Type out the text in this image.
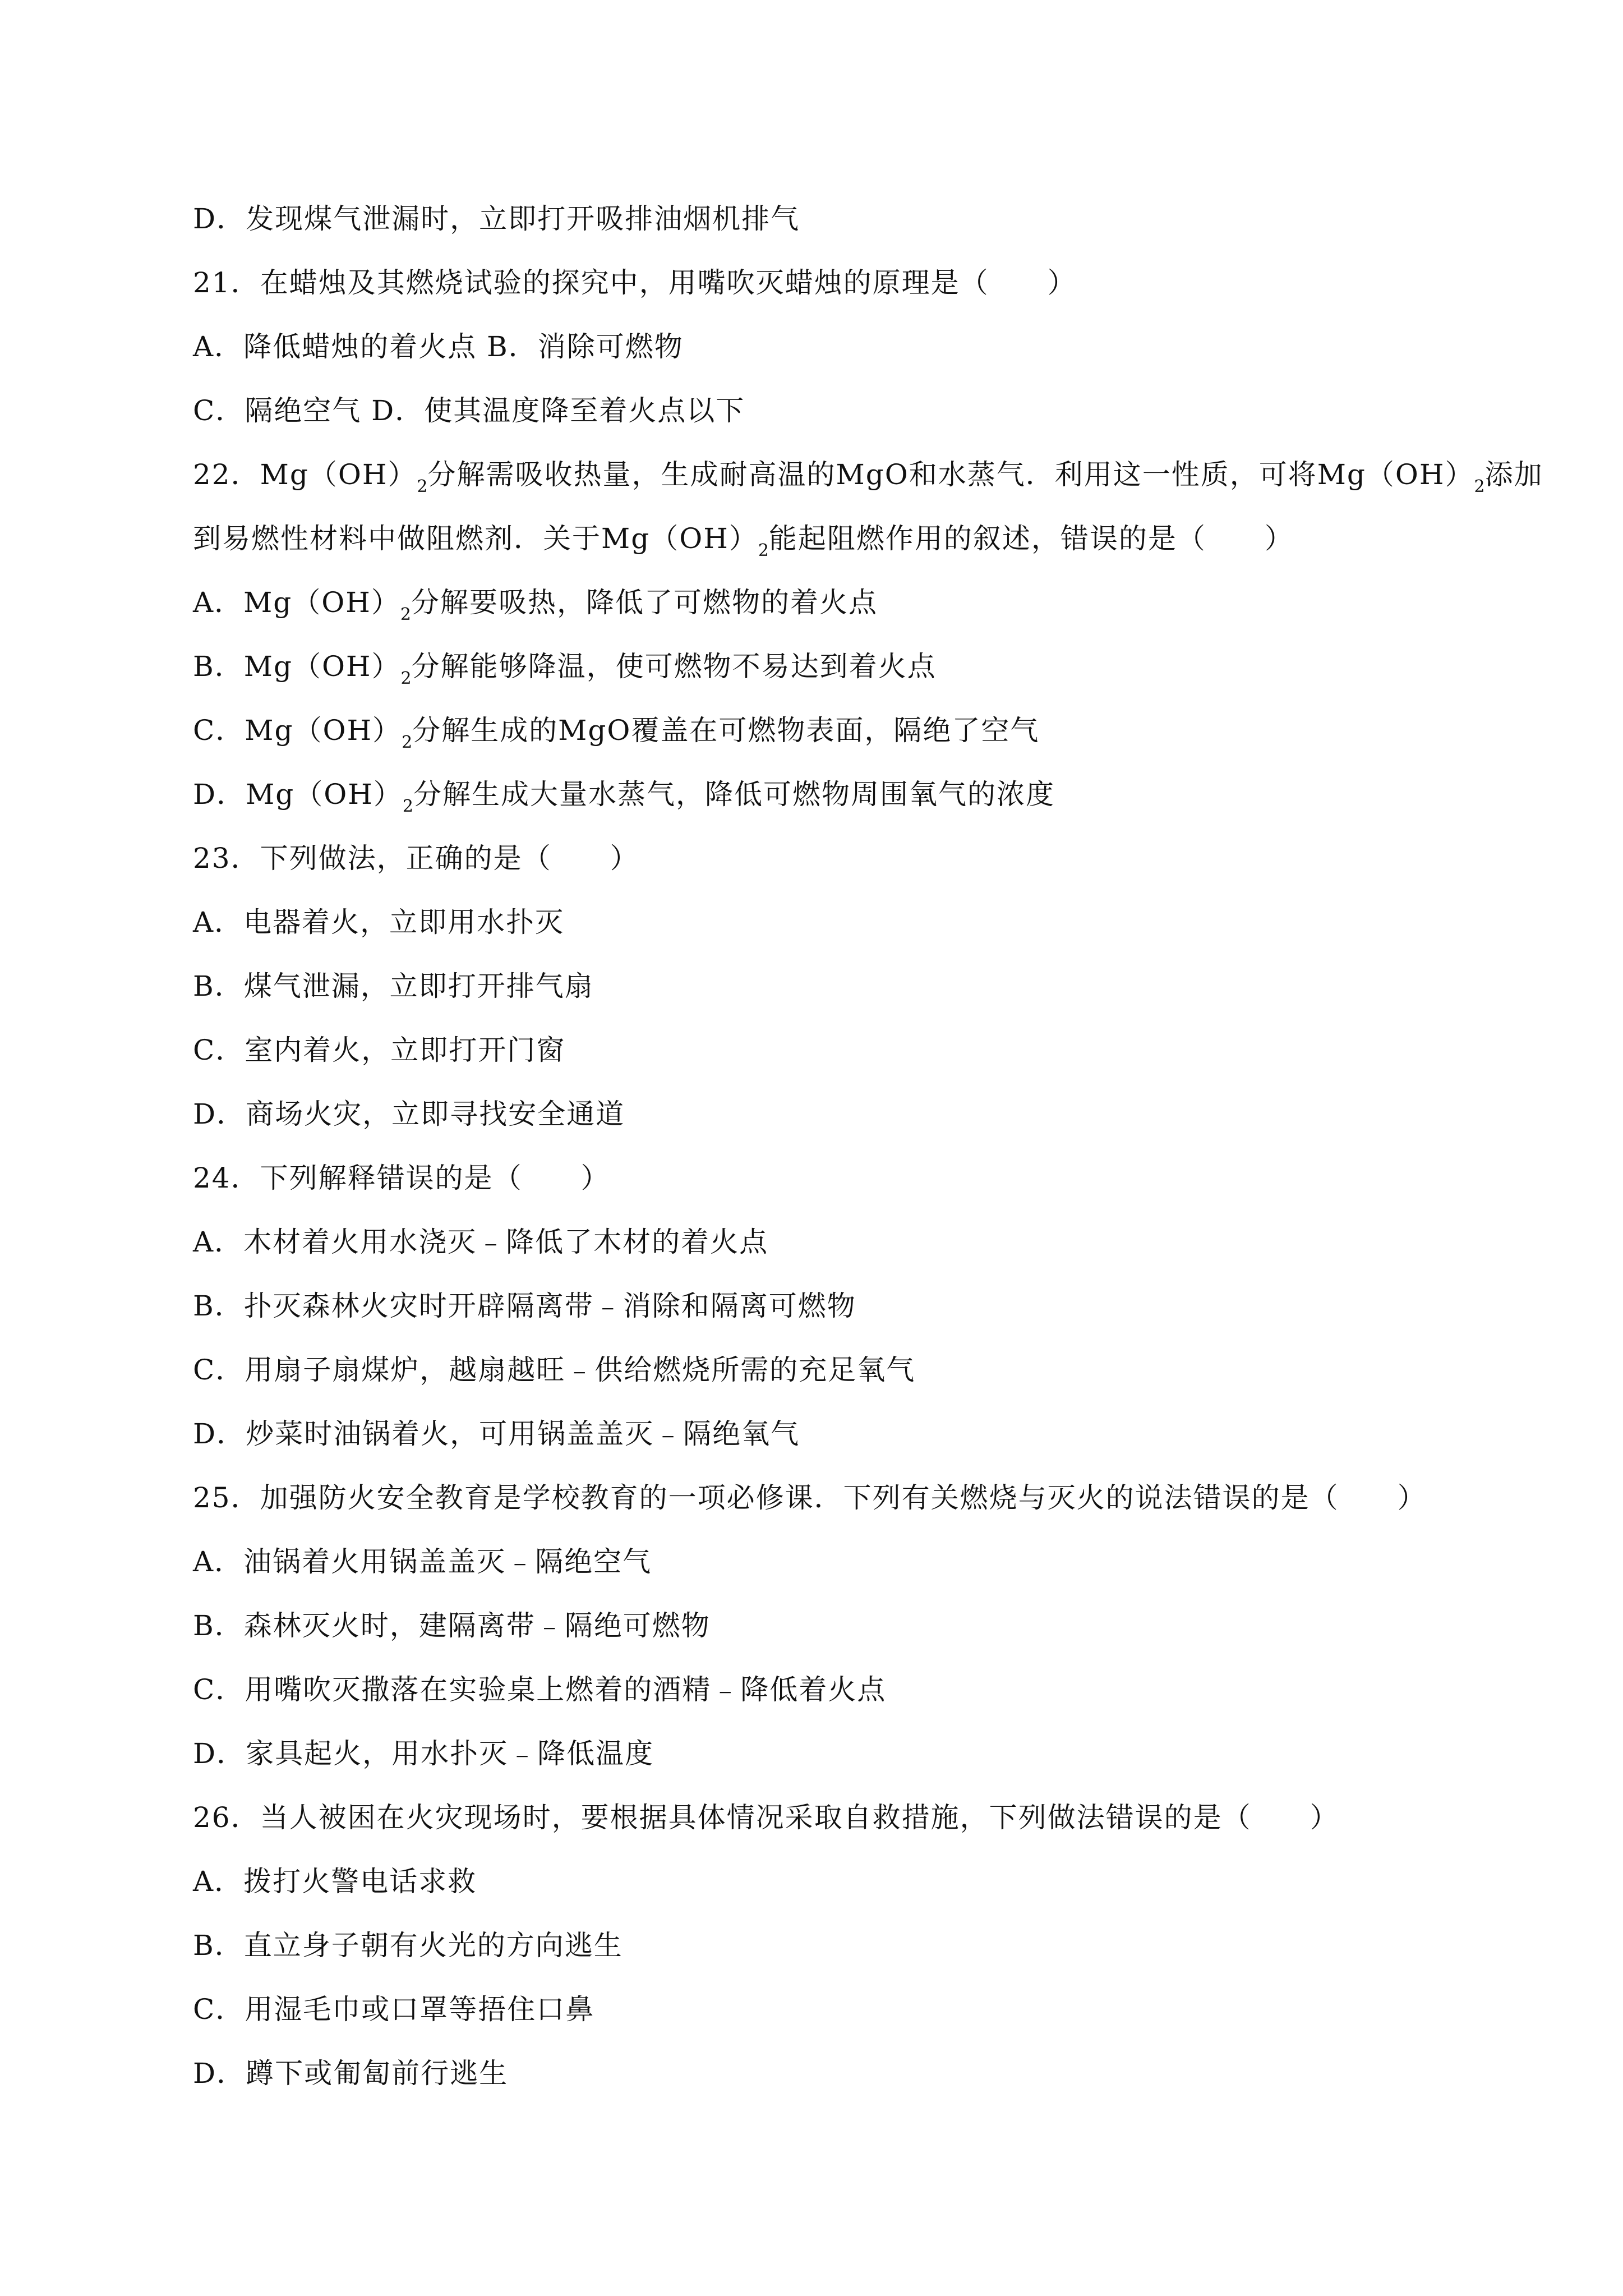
D．发现煤气泄漏时，立即打开吸排油烟机排气
21．在蜡烛及其燃烧试验的探究中，用嘴吹灭蜡烛的原理是（　　）
A．降低蜡烛的着火点 B．消除可燃物
C．隔绝空气 D．使其温度降至着火点以下
22．$Mg(OH)_2$分解需吸收热量，生成耐高温的MgO和水蒸气．利用这一性质，可将$Mg(OH)_2$添加
到易燃性材料中做阻燃剂．关于$Mg(OH)_2$能起阻燃作用的叙述，错误的是（　　）
A．$Mg(OH)_2$分解要吸热，降低了可燃物的着火点
B．$Mg(OH)_2$分解能够降温，使可燃物不易达到着火点
C．$Mg(OH)_2$分解生成的MgO覆盖在可燃物表面，隔绝了空气
D．$Mg(OH)_2$分解生成大量水蒸气，降低可燃物周围氧气的浓度
23．下列做法，正确的是（　　）
A．电器着火，立即用水扑灭
B．煤气泄漏，立即打开排气扇
C．室内着火，立即打开门窗
D．商场火灾，立即寻找安全通道
24．下列解释错误的是（　　）
A．木材着火用水浇灭﹣降低了木材的着火点
B．扑灭森林火灾时开辟隔离带﹣消除和隔离可燃物
C．用扇子扇煤炉，越扇越旺﹣供给燃烧所需的充足氧气
D．炒菜时油锅着火，可用锅盖盖灭﹣隔绝氧气
25．加强防火安全教育是学校教育的一项必修课．下列有关燃烧与灭火的说法错误的是（　　）
A．油锅着火用锅盖盖灭﹣隔绝空气
B．森林灭火时，建隔离带﹣隔绝可燃物
C．用嘴吹灭撒落在实验桌上燃着的酒精﹣降低着火点
D．家具起火，用水扑灭﹣降低温度
26．当人被困在火灾现场时，要根据具体情况采取自救措施，下列做法错误的是（　　）
A．拨打火警电话求救
B．直立身子朝有火光的方向逃生
C．用湿毛巾或口罩等捂住口鼻
D．蹲下或匍匐前行逃生
